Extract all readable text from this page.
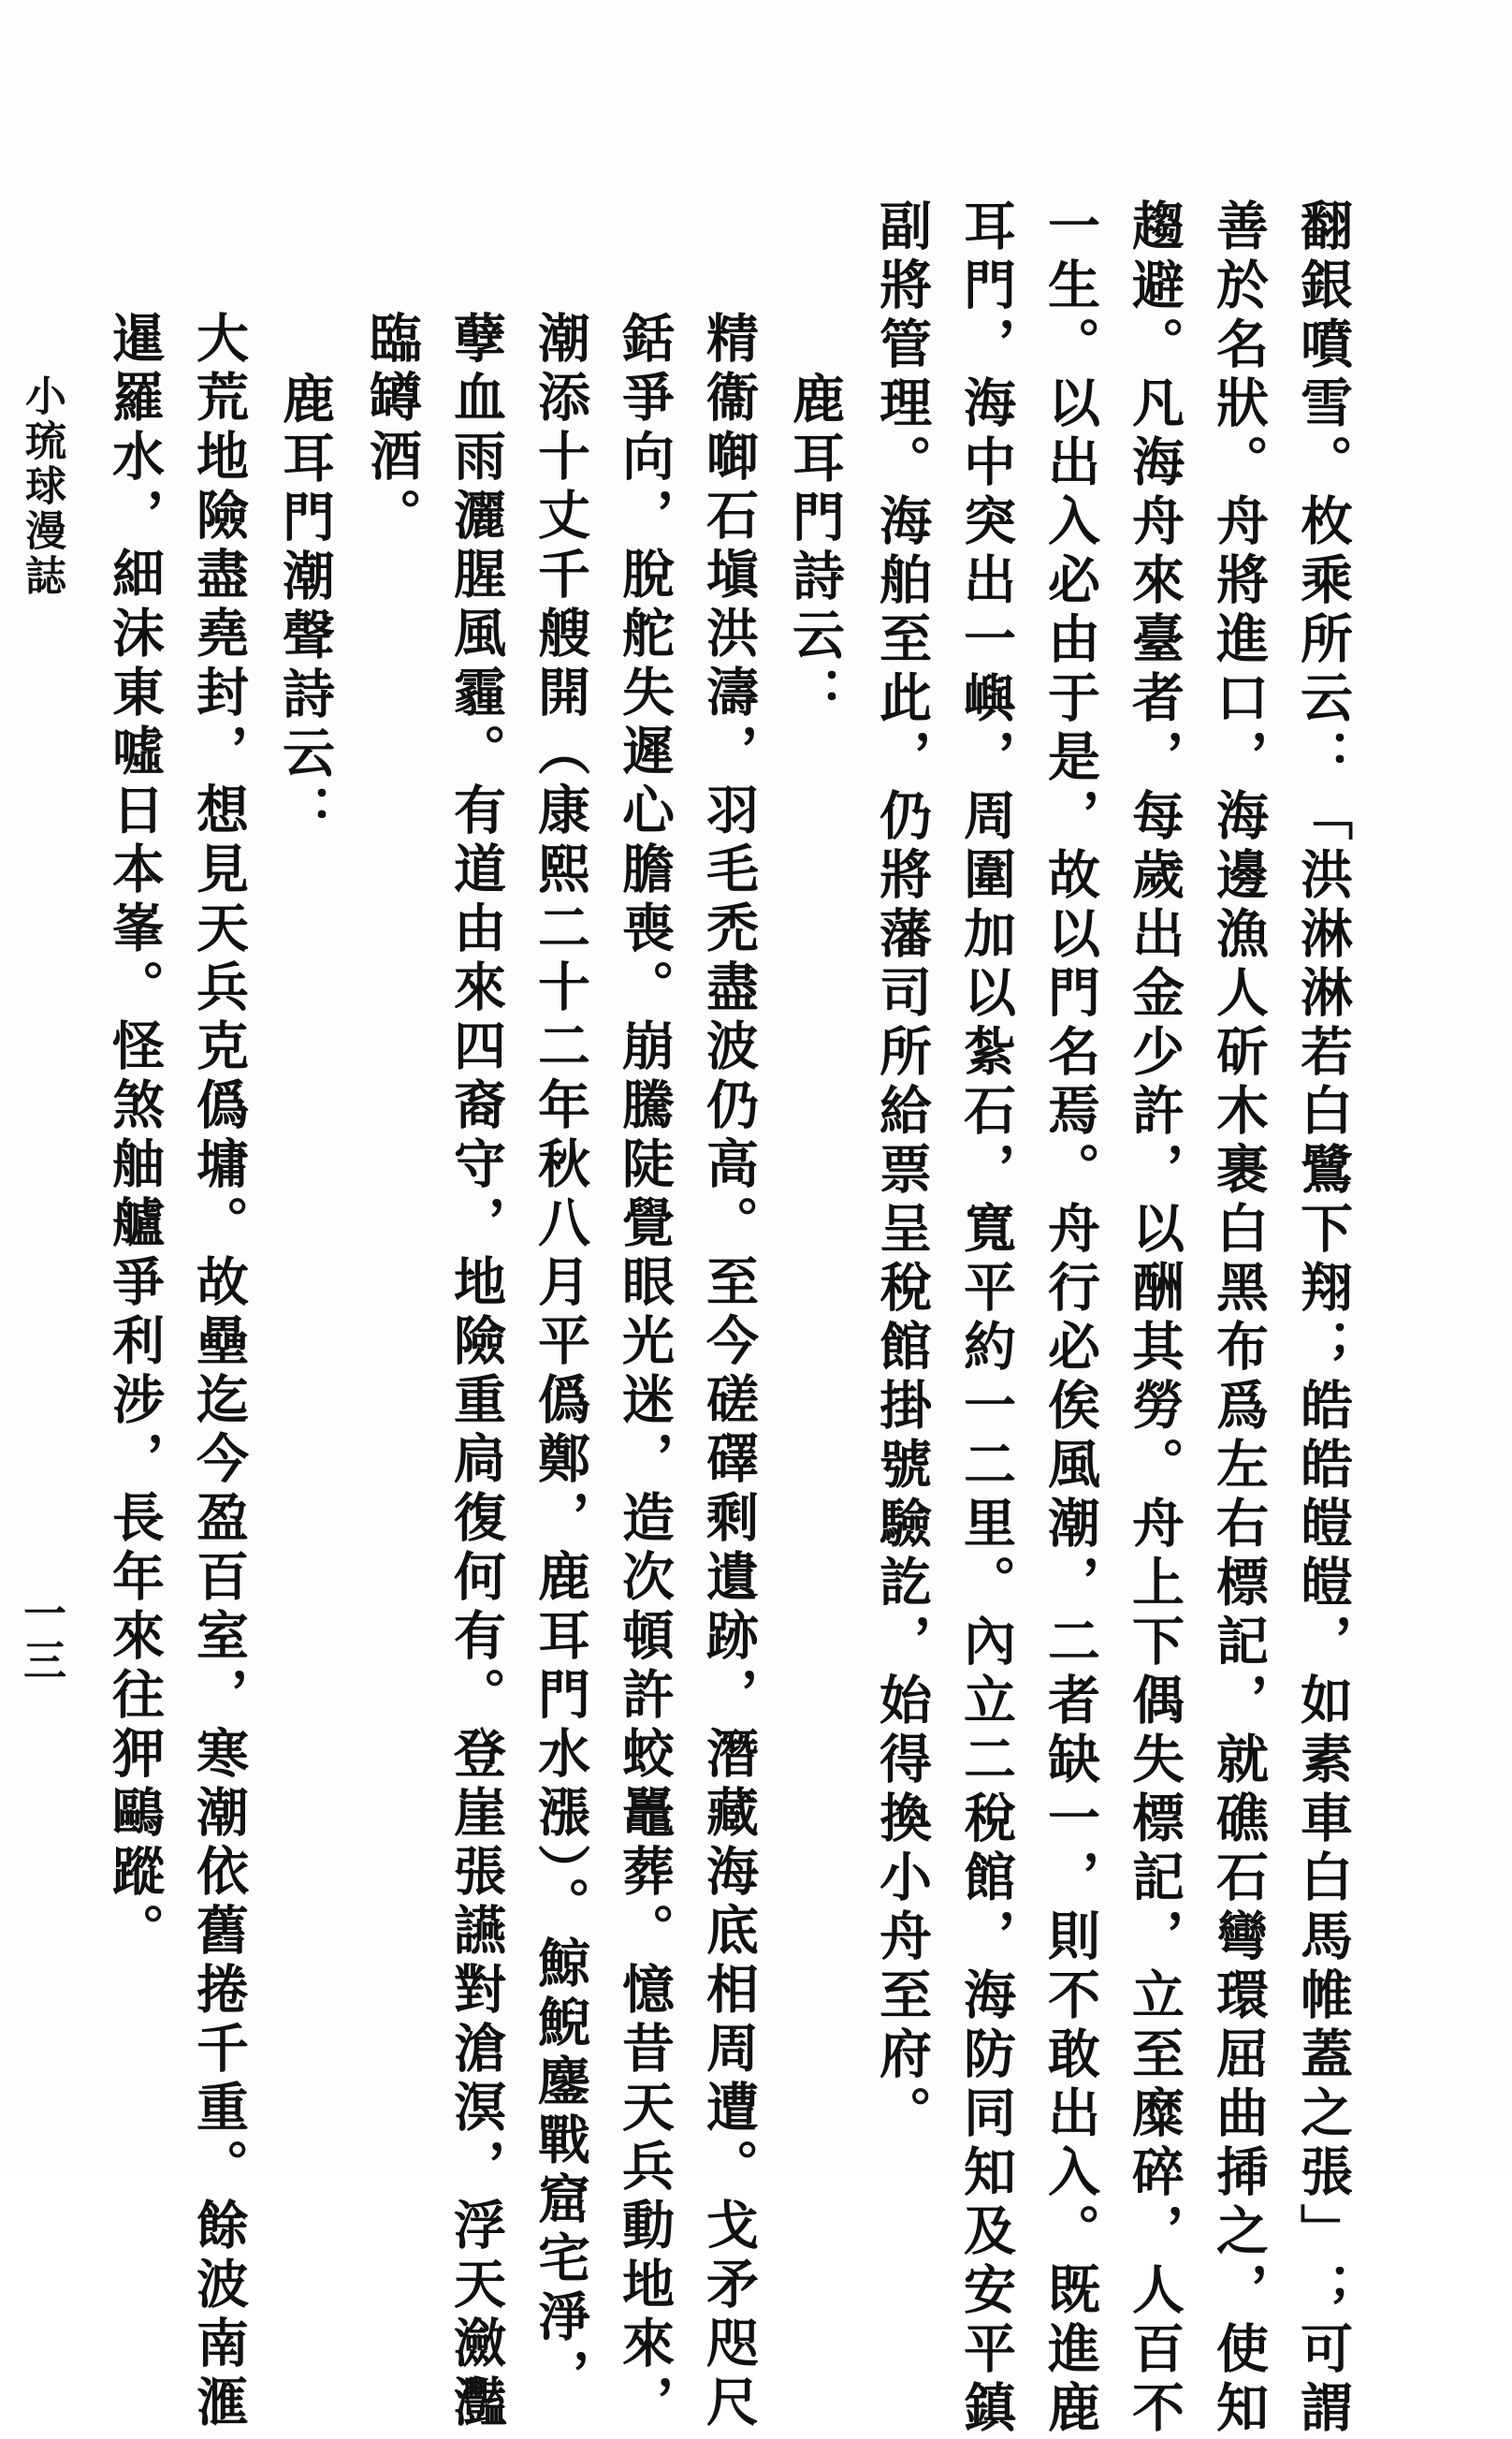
翻銀噴雪。枚乘所云：「洪淋淋若白鷺下翔；皓皓皚皚，如素車白馬帷蓋之張」；可謂
善於名狀。舟將進口，海邊漁人斫木裹白黑布爲左右標記，就礁石彎環屈曲揷之，使知
趨避。凡海舟來臺者，每歲出金少許，以酬其勞。舟上下偶失標記，立至糜碎，人百不
一生。以出入必由于是，故以門名焉。舟行必俟風潮，二者缺一，則不敢出入。既進鹿
耳門，海中突出一嶼，周圍加以紮石，寬平約一二里。內立二稅館，海防同知及安平鎮
副將管理。海舶至此，仍將藩司所給票呈稅館掛號驗訖，始得換小舟至府。
鹿耳門詩云：
精衞啣石塡洪濤，羽毛禿盡波仍高。至今磋礋剩遺跡，潛藏海底相周遭。戈矛咫尺
銛爭向，脫舵失遲心膽喪。崩騰陡覺眼光迷，造次頓許蛟鼉葬。憶昔天兵動地來，
潮添十丈千艘開（康熙二十二年秋八月平僞鄭，鹿耳門水漲）。鯨鯢鏖戰窟宅淨，
孽血雨灑腥風霾。有道由來四裔守，地險重扃復何有。登崖張讌對滄溟，浮天瀲灩
臨罇酒。
鹿耳門潮聲詩云：
大荒地險盡堯封，想見天兵克僞墉。故壘迄今盈百室，寒潮依舊捲千重。餘波南滙
暹羅水，細沫東噓日本峯。怪煞舳艫爭利涉，長年來往狎鷗蹤。
小琉球漫誌
一三
